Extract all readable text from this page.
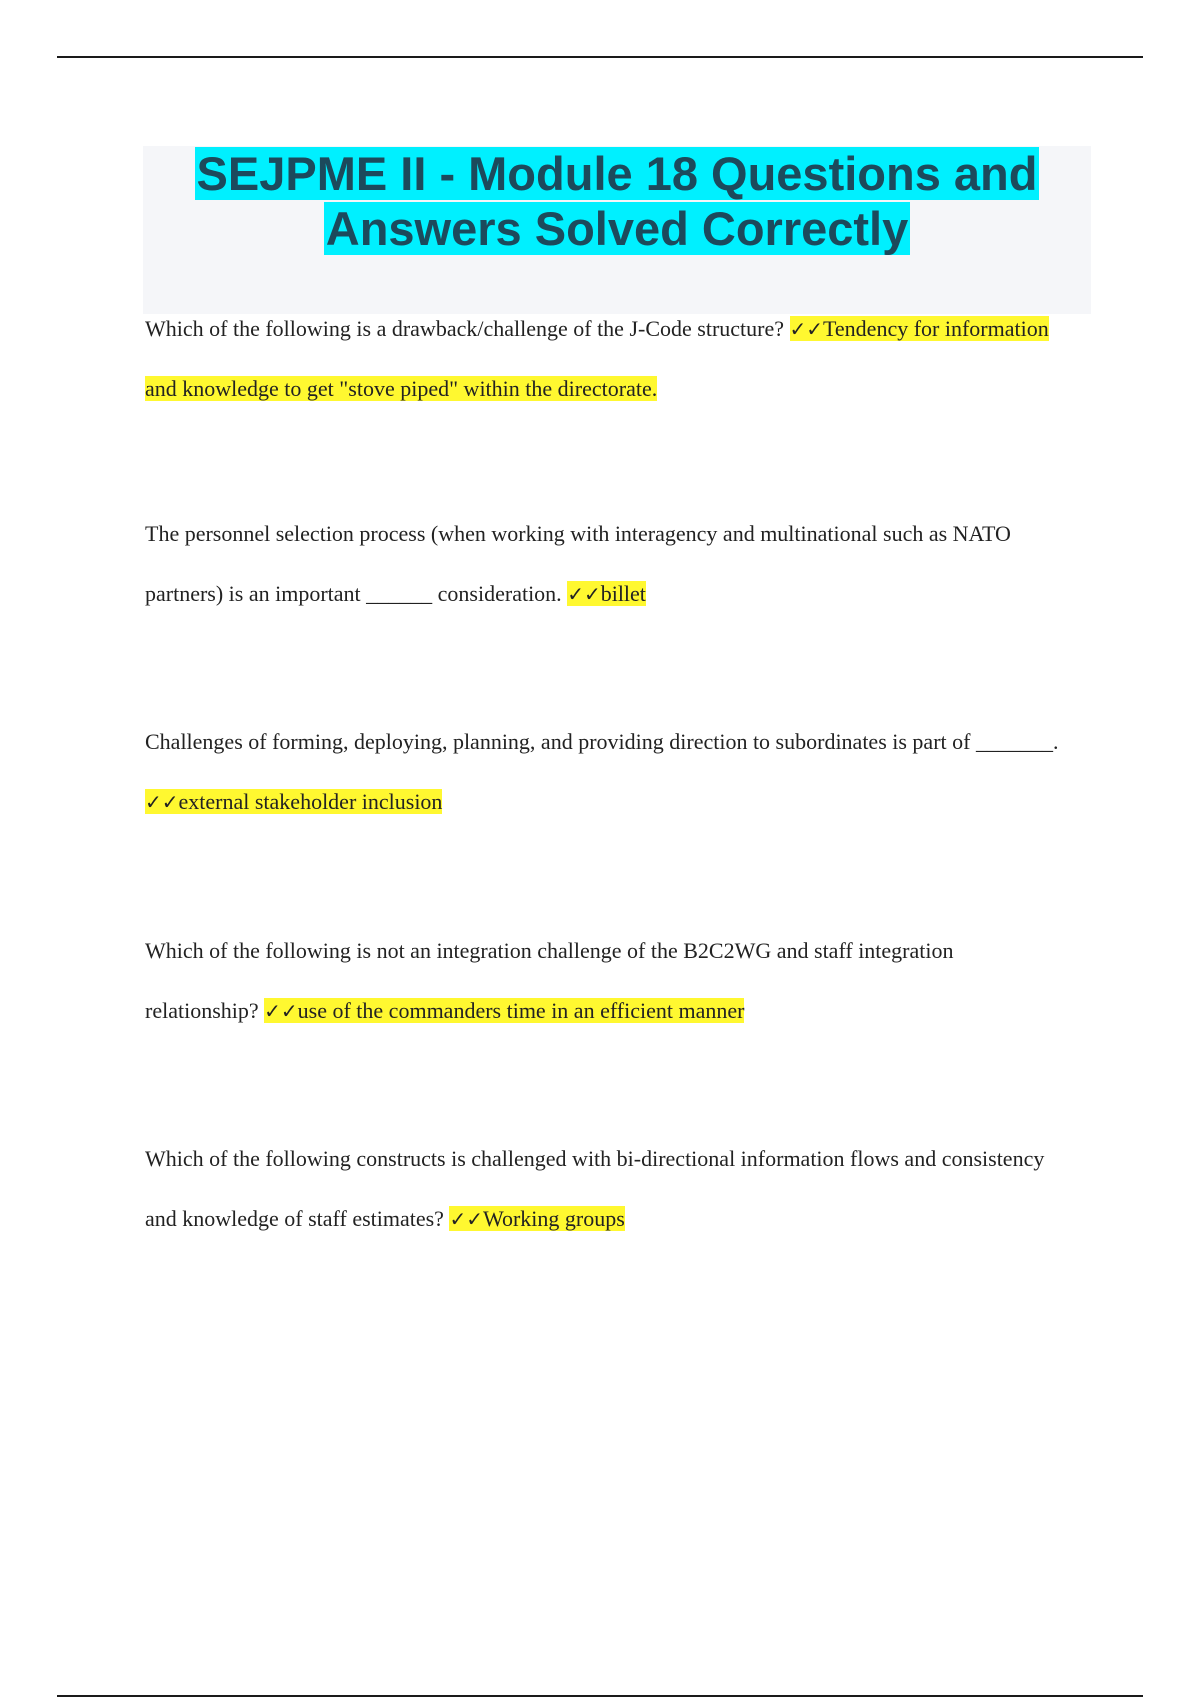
SEJPME II - Module 18 Questions and
Answers Solved Correctly

Which of the following is a drawback/challenge of the J-Code structure? ✓✓Tendency for information and knowledge to get "stove piped" within the directorate.

The personnel selection process (when working with interagency and multinational such as NATO partners) is an important ______ consideration. ✓✓billet

Challenges of forming, deploying, planning, and providing direction to subordinates is part of _______. ✓✓external stakeholder inclusion

Which of the following is not an integration challenge of the B2C2WG and staff integration relationship? ✓✓use of the commanders time in an efficient manner

Which of the following constructs is challenged with bi-directional information flows and consistency and knowledge of staff estimates? ✓✓Working groups
